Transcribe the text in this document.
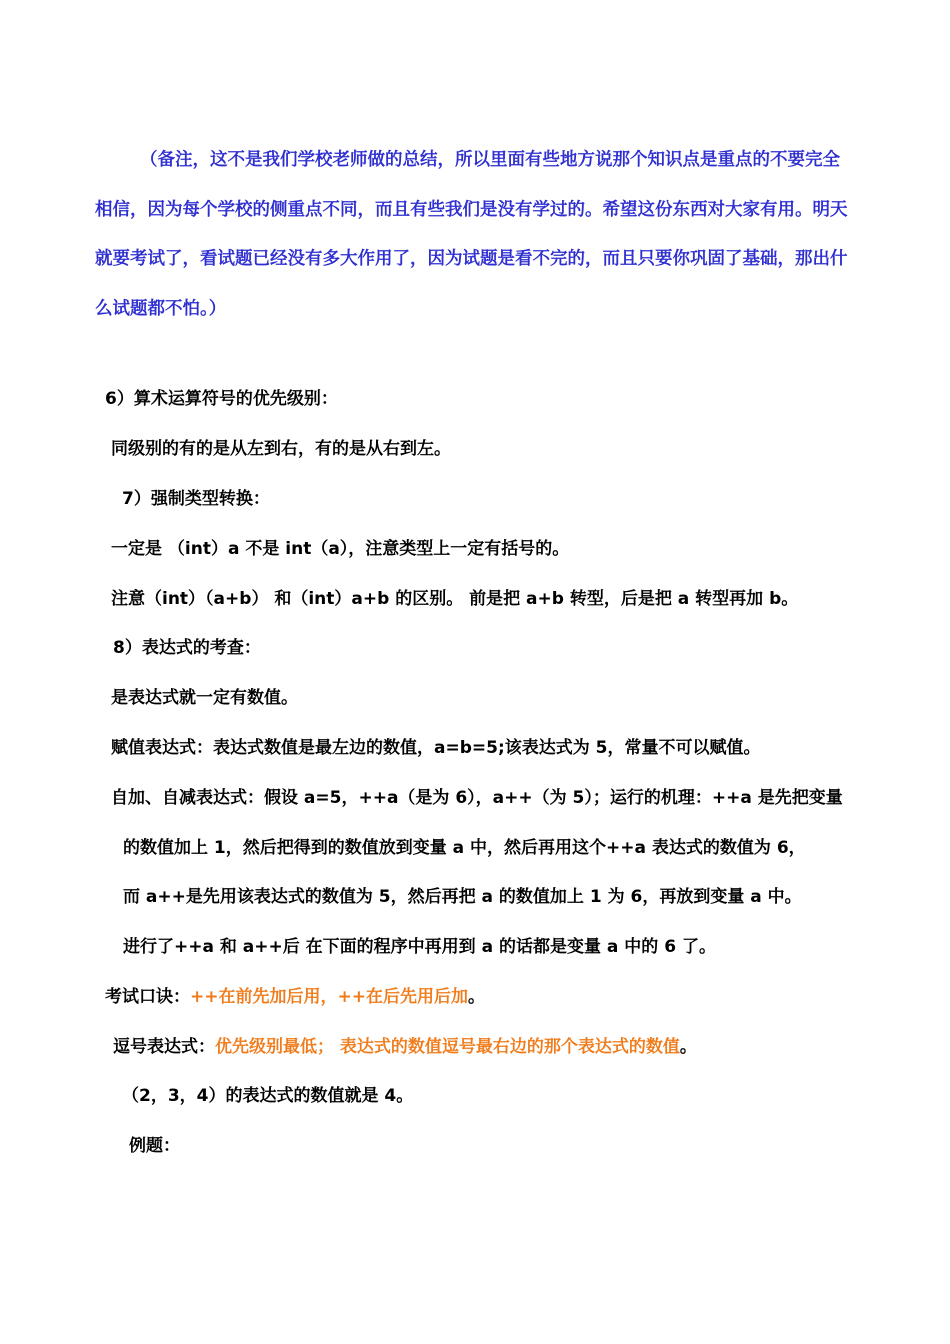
（备注，这不是我们学校老师做的总结，所以里面有些地方说那个知识点是重点的不要完全相信，因为每个学校的侧重点不同，而且有些我们是没有学过的。希望这份东西对大家有用。明天就要考试了，看试题已经没有多大作用了，因为试题是看不完的，而且只要你巩固了基础，那出什么试题都不怕。）
6）算术运算符号的优先级别：
同级别的有的是从左到右，有的是从右到左。
7）强制类型转换：
一定是 （int）a 不是 int（a），注意类型上一定有括号的。
注意（int）（a+b） 和（int）a+b 的区别。 前是把 a+b 转型，后是把 a 转型再加 b。
8）表达式的考查：
是表达式就一定有数值。
赋值表达式：表达式数值是最左边的数值，a=b=5;该表达式为 5，常量不可以赋值。
自加、自减表达式：假设 a=5，++a（是为 6），a++（为 5）；运行的机理：++a 是先把变量
的数值加上 1，然后把得到的数值放到变量 a 中，然后再用这个++a 表达式的数值为 6，
而 a++是先用该表达式的数值为 5，然后再把 a 的数值加上 1 为 6，再放到变量 a 中。
进行了++a 和 a++后 在下面的程序中再用到 a 的话都是变量 a 中的 6 了。
考试口诀：++在前先加后用，++在后先用后加。
逗号表达式：优先级别最低； 表达式的数值逗号最右边的那个表达式的数值。
（2，3，4）的表达式的数值就是 4。
例题：
